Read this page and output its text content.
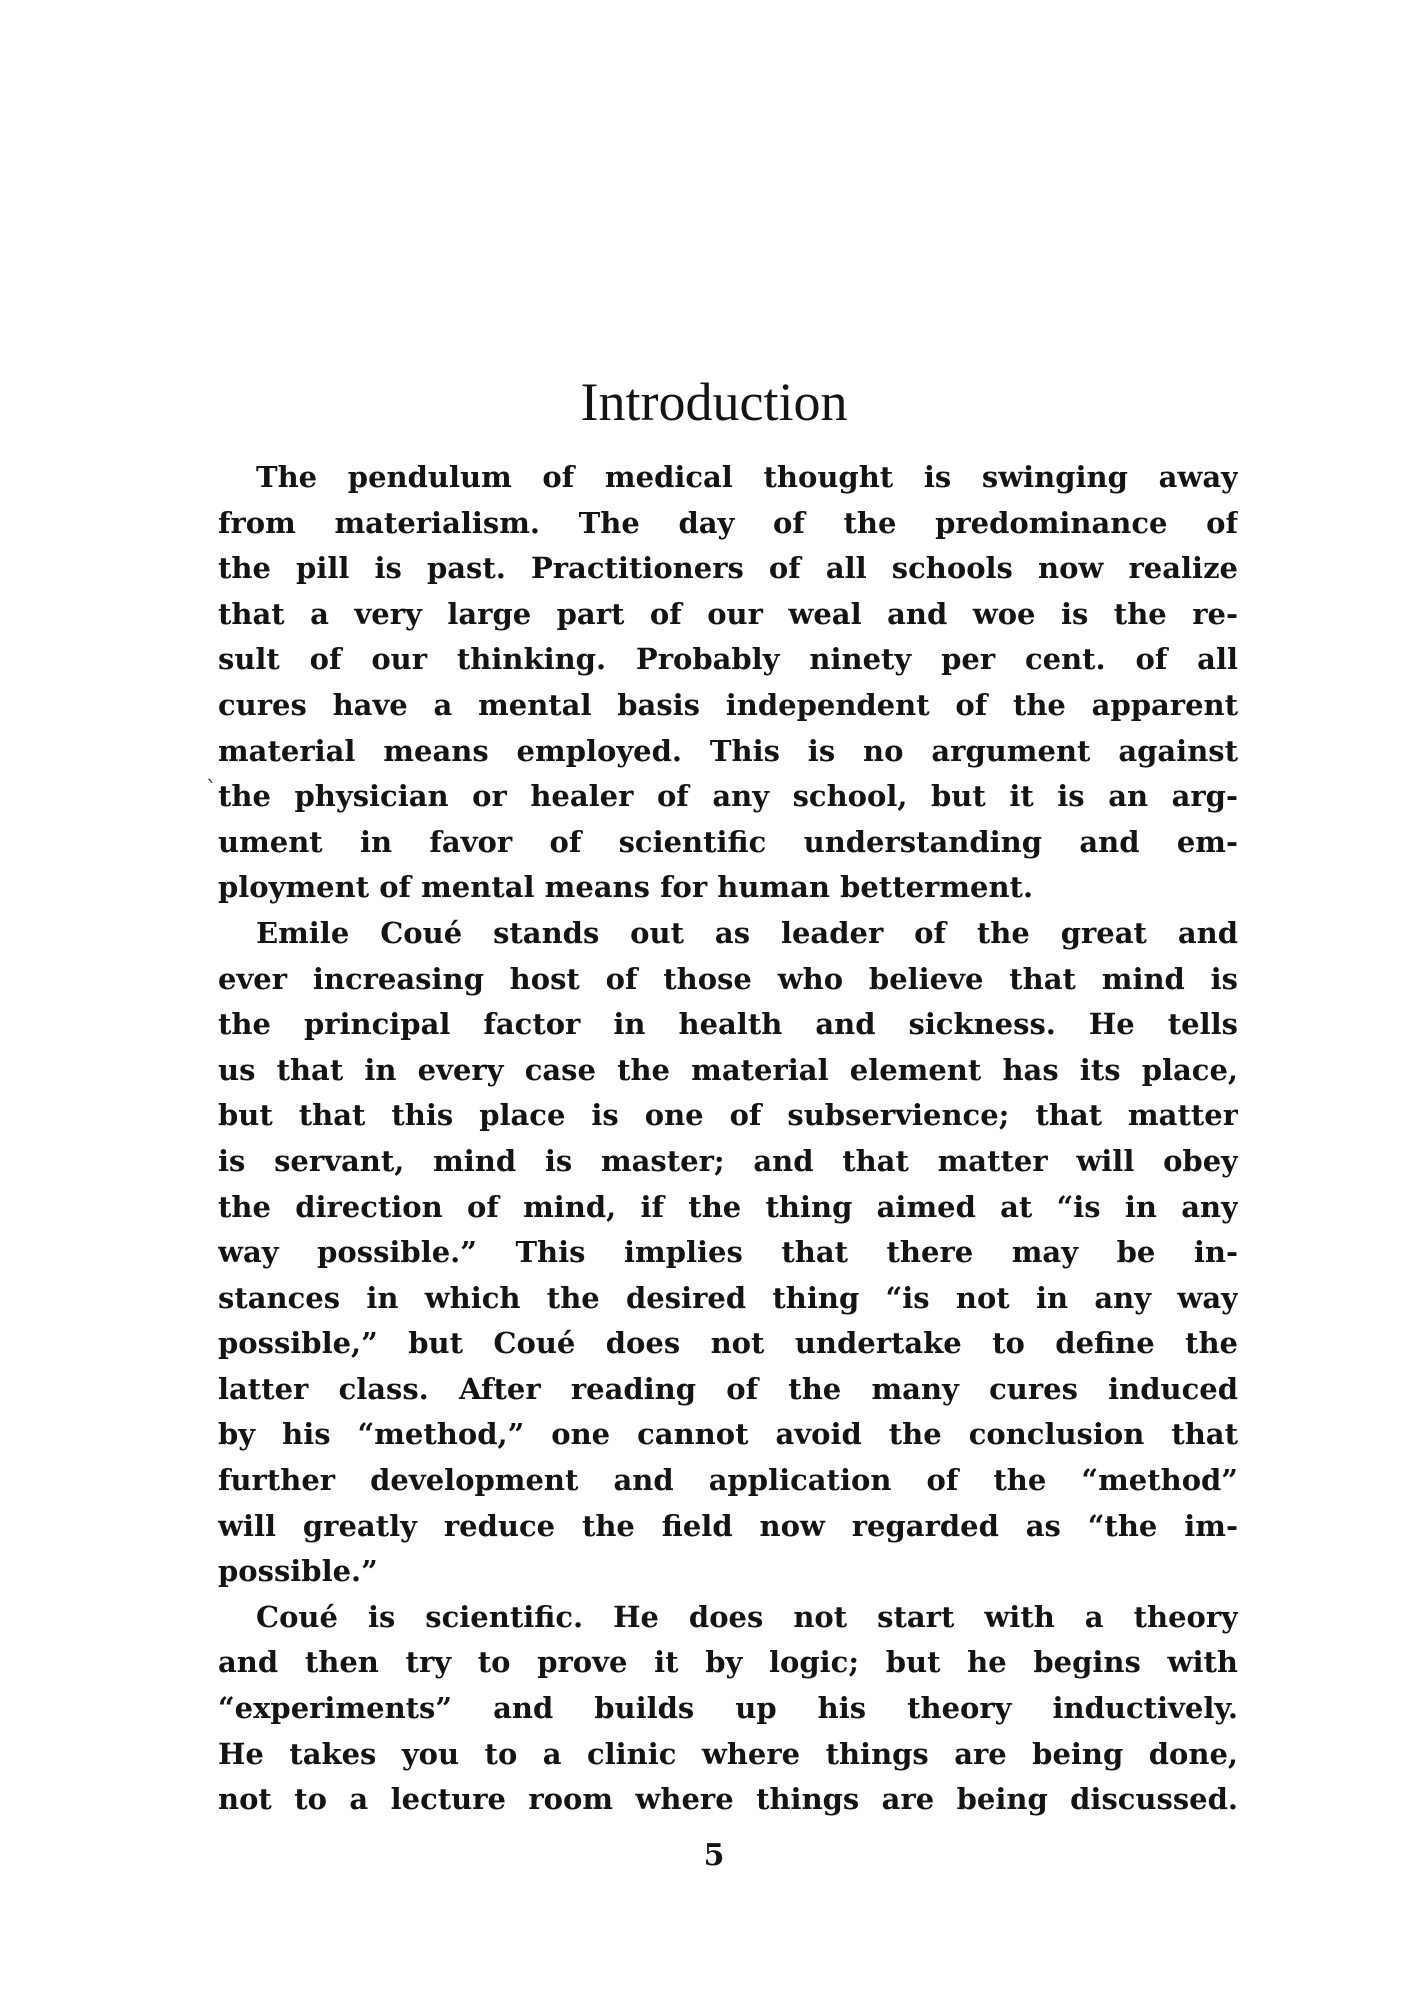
Introduction
The pendulum of medical thought is swinging away
from materialism. The day of the predominance of
the pill is past. Practitioners of all schools now realize
that a very large part of our weal and woe is the re-
sult of our thinking. Probably ninety per cent. of all
cures have a mental basis independent of the apparent
material means employed. This is no argument against
the physician or healer of any school, but it is an arg-
ument in favor of scientific understanding and em-
ployment of mental means for human betterment.
Emile Coué stands out as leader of the great and
ever increasing host of those who believe that mind is
the principal factor in health and sickness. He tells
us that in every case the material element has its place,
but that this place is one of subservience; that matter
is servant, mind is master; and that matter will obey
the direction of mind, if the thing aimed at “is in any
way possible.” This implies that there may be in-
stances in which the desired thing “is not in any way
possible,” but Coué does not undertake to define the
latter class. After reading of the many cures induced
by his “method,” one cannot avoid the conclusion that
further development and application of the “method”
will greatly reduce the field now regarded as “the im-
possible.”
Coué is scientific. He does not start with a theory
and then try to prove it by logic; but he begins with
“experiments” and builds up his theory inductively.
He takes you to a clinic where things are being done,
not to a lecture room where things are being discussed.
ˋ
5
